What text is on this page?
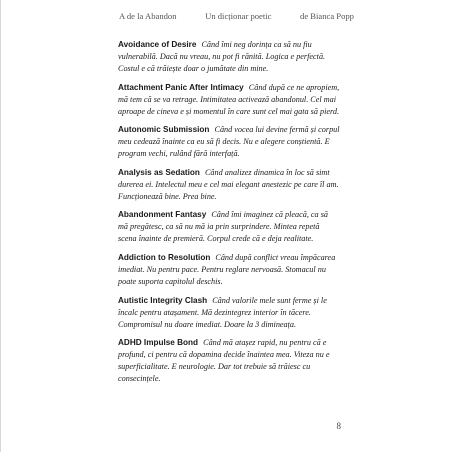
A de la Abandon	Un dicționar poetic	de Bianca Popp

Avoidance of Desire Când îmi neg dorința ca să nu fiu vulnerabilă. Dacă nu vreau, nu pot fi rănită. Logica e perfectă. Costul e că trăiește doar o jumătate din mine.

Attachment Panic After Intimacy Când după ce ne apropiem, mă tem că se va retrage. Intimitatea activează abandonul. Cel mai aproape de cineva e și momentul în care sunt cel mai gata să pierd.

Autonomic Submission Când vocea lui devine fermă și corpul meu cedează înainte ca eu să fi decis. Nu e alegere conștientă. E program vechi, rulând fără interfață.

Analysis as Sedation Când analizez dinamica în loc să simt durerea ei. Intelectul meu e cel mai elegant anestezic pe care îl am. Funcționează bine. Prea bine.

Abandonment Fantasy Când îmi imaginez că pleacă, ca să mă pregătesc, ca să nu mă ia prin surprindere. Mintea repetă scena înainte de premieră. Corpul crede că e deja realitate.

Addiction to Resolution Când după conflict vreau împăcarea imediat. Nu pentru pace. Pentru reglare nervoasă. Stomacul nu poate suporta capitolul deschis.

Autistic Integrity Clash Când valorile mele sunt ferme și le încalc pentru atașament. Mă dezintegrez interior în tăcere. Compromisul nu doare imediat. Doare la 3 dimineața.

ADHD Impulse Bond Când mă atașez rapid, nu pentru că e profund, ci pentru că dopamina decide înaintea mea. Viteza nu e superficialitate. E neurologie. Dar tot trebuie să trăiesc cu consecințele.

8
